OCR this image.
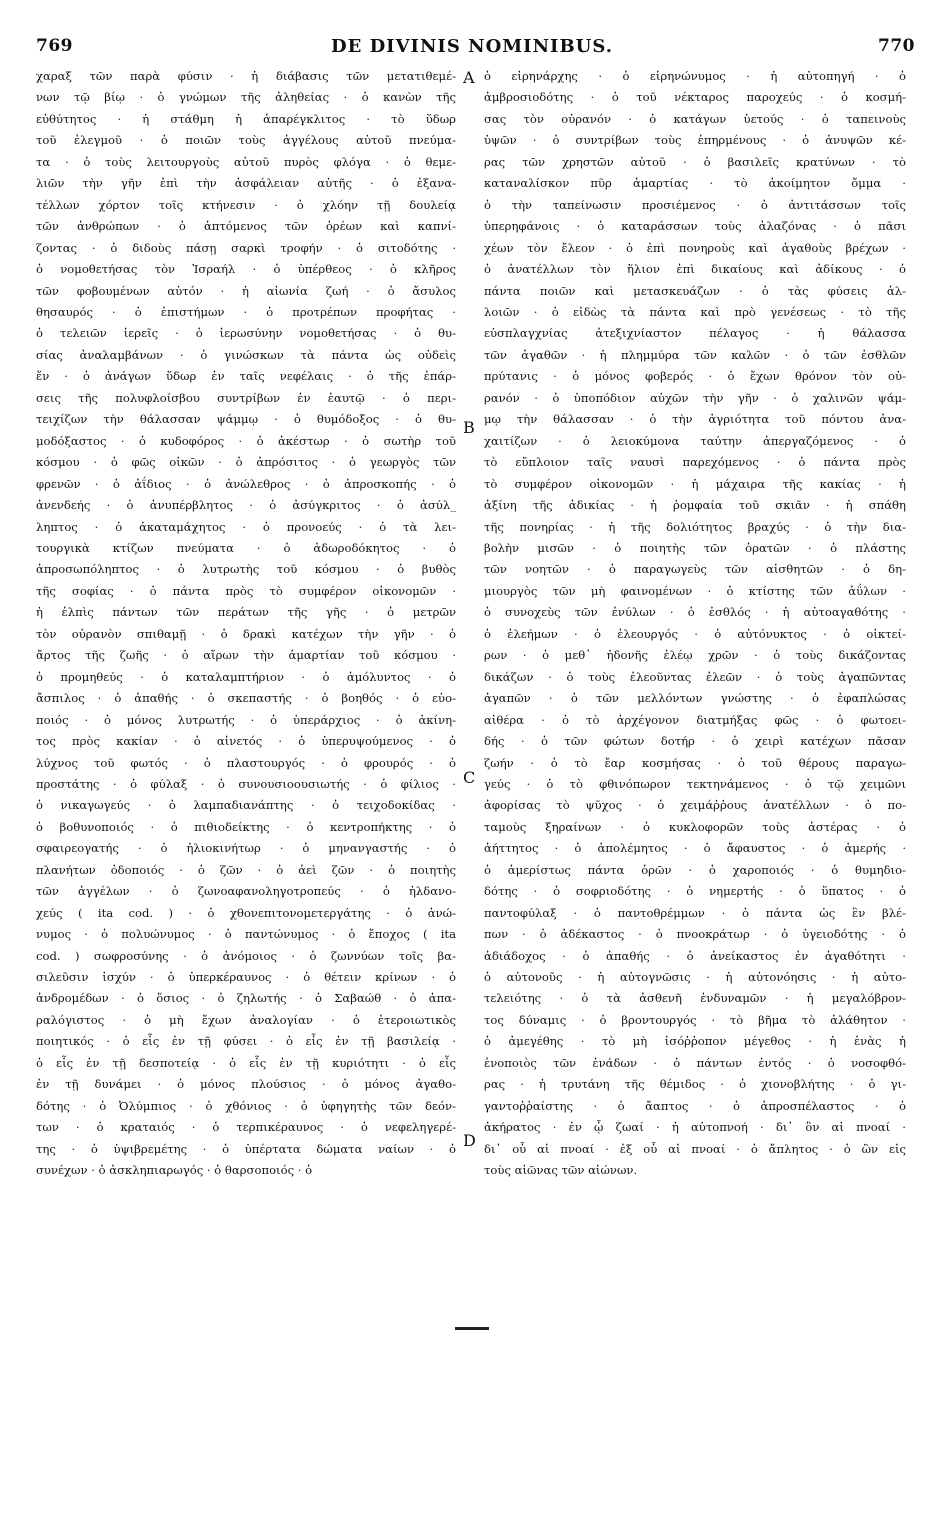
769	DE DIVINIS NOMINIBUS.	770
χαραξ τῶν παρὰ φύσιν · ἡ διάβασις τῶν μετατιθεμέ-
νων τῷ βίῳ · ὁ γνώμων τῆς ἀληθείας · ὁ κανὼν τῆς
εὐθύτητος · ἡ στάθμη ἡ ἀπαρέγκλιτος · τὸ ὕδωρ
τοῦ ἐλεγμοῦ · ὁ ποιῶν τοὺς ἀγγέλους αὐτοῦ πνεύμα-
τα · ὁ τοὺς λειτουργοὺς αὐτοῦ πυρὸς φλόγα · ὁ θεμε-
λιῶν τὴν γῆν ἐπὶ τὴν ἀσφάλειαν αὐτῆς · ὁ ἐξανα-
τέλλων χόρτον τοῖς κτήνεσιν · ὁ χλόην τῇ δουλείᾳ
τῶν ἀνθρώπων · ὁ ἁπτόμενος τῶν ὀρέων καὶ καπνί-
ζοντας · ὁ διδοὺς πάσῃ σαρκὶ τροφήν · ὁ σιτοδότης ·
ὁ νομοθετήσας τὸν Ἰσραήλ · ὁ ὑπέρθεος · ὁ κλῆρος
τῶν φοβουμένων αὐτόν · ἡ αἰωνία ζωή · ὁ ἄσυλος
θησαυρός · ὁ ἐπιστήμων · ὁ προτρέπων προφήτας ·
ὁ τελειῶν ἱερεῖς · ὁ ἱερωσύνην νομοθετήσας · ὁ θυ-
σίας ἀναλαμβάνων · ὁ γινώσκων τὰ πάντα ὡς οὐδεὶς
ἕν · ὁ ἀνάγων ὕδωρ ἐν ταῖς νεφέλαις · ὁ τῆς ἐπάρ-
σεις τῆς πολυφλοίσβου συντρίβων ἐν ἑαυτῷ · ὁ περι-
τειχίζων τὴν θάλασσαν ψάμμῳ · ὁ θυμόδοξος · ὁ θυ-
μοδόξαστος · ὁ κυδοφόρος · ὁ ἀκέστωρ · ὁ σωτὴρ τοῦ
κόσμου · ὁ φῶς οἰκῶν · ὁ ἀπρόσιτος · ὁ γεωργὸς τῶν
φρενῶν · ὁ ἀΐδιος · ὁ ἀνώλεθρος · ὁ ἀπροσκοπής · ὁ
ἀνενδεής · ὁ ἀνυπέρβλητος · ὁ ἀσύγκριτος · ὁ ἀσύλ_
ληπτος · ὁ ἀκαταμάχητος · ὁ προνοεύς · ὁ τὰ λει-
τουργικὰ κτίζων πνεύματα · ὁ ἀδωροδόκητος · ὁ
ἀπροσωπόληπτος · ὁ λυτρωτὴς τοῦ κόσμου · ὁ βυθὸς
τῆς σοφίας · ὁ πάντα πρὸς τὸ συμφέρον οἰκονομῶν ·
ἡ ἐλπὶς πάντων τῶν περάτων τῆς γῆς · ὁ μετρῶν
τὸν οὐρανὸν σπιθαμῇ · ὁ δρακὶ κατέχων τὴν γῆν · ὁ
ἄρτος τῆς ζωῆς · ὁ αἴρων τὴν ἁμαρτίαν τοῦ κόσμου ·
ὁ προμηθεύς · ὁ καταλαμπτήριον · ὁ ἀμόλυντος · ὁ
ἄσπιλος · ὁ ἀπαθής · ὁ σκεπαστής · ὁ βοηθός · ὁ εὐο-
ποιός · ὁ μόνος λυτρωτής · ὁ ὑπεράρχιος · ὁ ἀκίνη-
τος πρὸς κακίαν · ὁ αἰνετός · ὁ ὑπερυψούμενος · ὁ
λύχνος τοῦ φωτός · ὁ πλαστουργός · ὁ φρουρός · ὁ
προστάτης · ὁ φύλαξ · ὁ συνουσιοουσιωτής · ὁ φίλιος ·
ὁ νικαγωγεύς · ὁ λαμπαδιανάπτης · ὁ τειχοδοκίδας ·
ὁ βοθυνοποιός · ὁ πιθιοδείκτης · ὁ κεντροπήκτης · ὁ
σφαιρεογατής · ὁ ἡλιοκινήτωρ · ὁ μηνανγαστής · ὁ
πλανήτων ὁδοποιός · ὁ ζῶν · ὁ ἀεὶ ζῶν · ὁ ποιητὴς
τῶν ἀγγέλων · ὁ ζωνοαφανοληγοτροπεύς · ὁ ἡλδανο-
χεύς ( ita cod. ) · ὁ χθονεπιτονομετεργάτης · ὁ ἀνώ-
νυμος · ὁ πολυώνυμος · ὁ παντώνυμος · ὁ ἔποχος ( ita
cod. ) σωφροσύνης · ὁ ἀνόμοιος · ὁ ζωννύων τοῖς βα-
σιλεῦσιν ἰσχύν · ὁ ὑπερκέραυνος · ὁ θέτειν κρίνων · ὁ
ἀνδρομέδων · ὁ ὅσιος · ὁ ζηλωτής · ὁ Σαβαώθ · ὁ ἀπα-
ραλόγιστος · ὁ μὴ ἔχων ἀναλογίαν · ὁ ἑτεροιωτικὸς
ποιητικός · ὁ εἷς ἐν τῇ φύσει · ὁ εἷς ἐν τῇ βασιλείᾳ ·
ὁ εἷς ἐν τῇ δεσποτείᾳ · ὁ εἷς ἐν τῇ κυριότητι · ὁ εἷς
ἐν τῇ δυνάμει · ὁ μόνος πλούσιος · ὁ μόνος ἀγαθο-
δότης · ὁ Ὀλύμπιος · ὁ χθόνιος · ὁ ὑφηγητὴς τῶν δεόν-
των · ὁ κραταιός · ὁ τερπικέραυνος · ὁ νεφεληγερέ-
της · ὁ ὑψιβρεμέτης · ὁ ὑπέρτατα δώματα ναίων · ὁ
συνέχων · ὁ ἀσκληπιαρωγός · ὁ θαρσοποιός · ὁ
A
B
C
D
ὁ εἰρηνάρχης · ὁ εἰρηνώνυμος · ἡ αὐτοπηγή · ὁ
ἀμβροσιοδότης · ὁ τοῦ νέκταρος παροχεύς · ὁ κοσμή-
σας τὸν οὐρανόν · ὁ κατάγων ὑετούς · ὁ ταπεινοὺς
ὑψῶν · ὁ συντρίβων τοὺς ἐπηρμένους · ὁ ἀνυψῶν κέ-
ρας τῶν χρηστῶν αὐτοῦ · ὁ βασιλεῖς κρατύνων · τὸ
καταναλίσκον πῦρ ἁμαρτίας · τὸ ἀκοίμητον ὄμμα ·
ὁ τὴν ταπείνωσιν προσιέμενος · ὁ ἀντιτάσσων τοῖς
ὑπερηφάνοις · ὁ καταράσσων τοὺς ἀλαζόνας · ὁ πᾶσι
χέων τὸν ἔλεον · ὁ ἐπὶ πονηροὺς καὶ ἀγαθοὺς βρέχων ·
ὁ ἀνατέλλων τὸν ἥλιον ἐπὶ δικαίους καὶ ἀδίκους · ὁ
πάντα ποιῶν καὶ μετασκευάζων · ὁ τὰς φύσεις ἀλ-
λοιῶν · ὁ εἰδὼς τὰ πάντα καὶ πρὸ γενέσεως · τὸ τῆς
εὐσπλαγχνίας ἀτεξιχνίαστον πέλαγος · ἡ θάλασσα
τῶν ἀγαθῶν · ἡ πλημμύρα τῶν καλῶν · ὁ τῶν ἐσθλῶν
πρύτανις · ὁ μόνος φοβερός · ὁ ἔχων θρόνον τὸν οὐ-
ρανόν · ὁ ὑποπόδιον αὐχῶν τὴν γῆν · ὁ χαλινῶν ψάμ-
μῳ τὴν θάλασσαν · ὁ τὴν ἀγριότητα τοῦ πόντου ἀνα-
χαιτίζων · ὁ λειοκύμονα ταύτην ἀπεργαζόμενος · ὁ
τὸ εὔπλοιον ταῖς ναυσὶ παρεχόμενος · ὁ πάντα πρὸς
τὸ συμφέρον οἰκονομῶν · ἡ μάχαιρα τῆς κακίας · ἡ
ἀξίνη τῆς ἀδικίας · ἡ ῥομφαία τοῦ σκιᾶν · ἡ σπάθη
τῆς πονηρίας · ἡ τῆς δολιότητος βραχύς · ὁ τὴν δια-
βολὴν μισῶν · ὁ ποιητὴς τῶν ὁρατῶν · ὁ πλάστης
τῶν νοητῶν · ὁ παραγωγεὺς τῶν αἰσθητῶν · ὁ δη-
μιουργὸς τῶν μὴ φαινομένων · ὁ κτίστης τῶν ἀΰλων ·
ὁ συνοχεὺς τῶν ἐνύλων · ὁ ἐσθλός · ἡ αὐτοαγαθότης ·
ὁ ἐλεήμων · ὁ ἐλεουργός · ὁ αὐτόνυκτος · ὁ οἰκτεί-
ρων · ὁ μεθ᾽ ἡδονῆς ἐλέῳ χρῶν · ὁ τοὺς δικάζοντας
δικάζων · ὁ τοὺς ἐλεοῦντας ἐλεῶν · ὁ τοὺς ἀγαπῶντας
ἀγαπῶν · ὁ τῶν μελλόντων γνώστης · ὁ ἐφαπλώσας
αἰθέρα · ὁ τὸ ἀρχέγονον διατμήξας φῶς · ὁ φωτοει-
δής · ὁ τῶν φώτων δοτήρ · ὁ χειρὶ κατέχων πᾶσαν
ζωήν · ὁ τὸ ἔαρ κοσμήσας · ὁ τοῦ θέρους παραγω-
γεύς · ὁ τὸ φθινόπωρον τεκτηνάμενος · ὁ τῷ χειμῶνι
ἀφορίσας τὸ ψῦχος · ὁ χειμάῤῥους ἀνατέλλων · ὁ πο-
ταμοὺς ξηραίνων · ὁ κυκλοφορῶν τοὺς ἀστέρας · ὁ
ἀήττητος · ὁ ἀπολέμητος · ὁ ἄφαυστος · ὁ ἀμερής ·
ὁ ἀμερίστως πάντα ὁρῶν · ὁ χαροποιός · ὁ θυμηδιο-
δότης · ὁ σοφριοδότης · ὁ νημερτής · ὁ ὕπατος · ὁ
παντοφύλαξ · ὁ παντοθρέμμων · ὁ πάντα ὡς ἓν βλέ-
πων · ὁ ἀδέκαστος · ὁ πνοοκράτωρ · ὁ ὑγειοδότης · ὁ
ἀδιάδοχος · ὁ ἀπαθής · ὁ ἀνείκαστος ἐν ἀγαθότητι ·
ὁ αὐτονοῦς · ἡ αὐτογνῶσις · ἡ αὐτονόησις · ἡ αὐτο-
τελειότης · ὁ τὰ ἀσθενῆ ἐνδυναμῶν · ἡ μεγαλόβρον-
τος δύναμις · ὁ βροντουργός · τὸ βῆμα τὸ ἀλάθητον ·
ὁ ἀμεγέθης · τὸ μὴ ἰσόῤῥοπον μέγεθος · ἡ ἑνὰς ἡ
ἑνοποιὸς τῶν ἐνάδων · ὁ πάντων ἐντός · ὁ νοσοφθό-
ρας · ἡ τρυτάνη τῆς θέμιδος · ὁ χιονοβλήτης · ὁ γι-
γαντοῤῥαίστης · ὁ ἄαπτος · ὁ ἀπροσπέλαστος · ὁ
ἀκήρατος · ἐν ᾧ ζωαί · ἡ αὐτοπνοή · δι᾽ ὃν αἱ πνοαί ·
δι᾽ οὗ αἱ πνοαί · ἐξ οὗ αἱ πνοαί · ὁ ἄπλητος · ὁ ὢν εἰς
τοὺς αἰῶνας τῶν αἰώνων.
